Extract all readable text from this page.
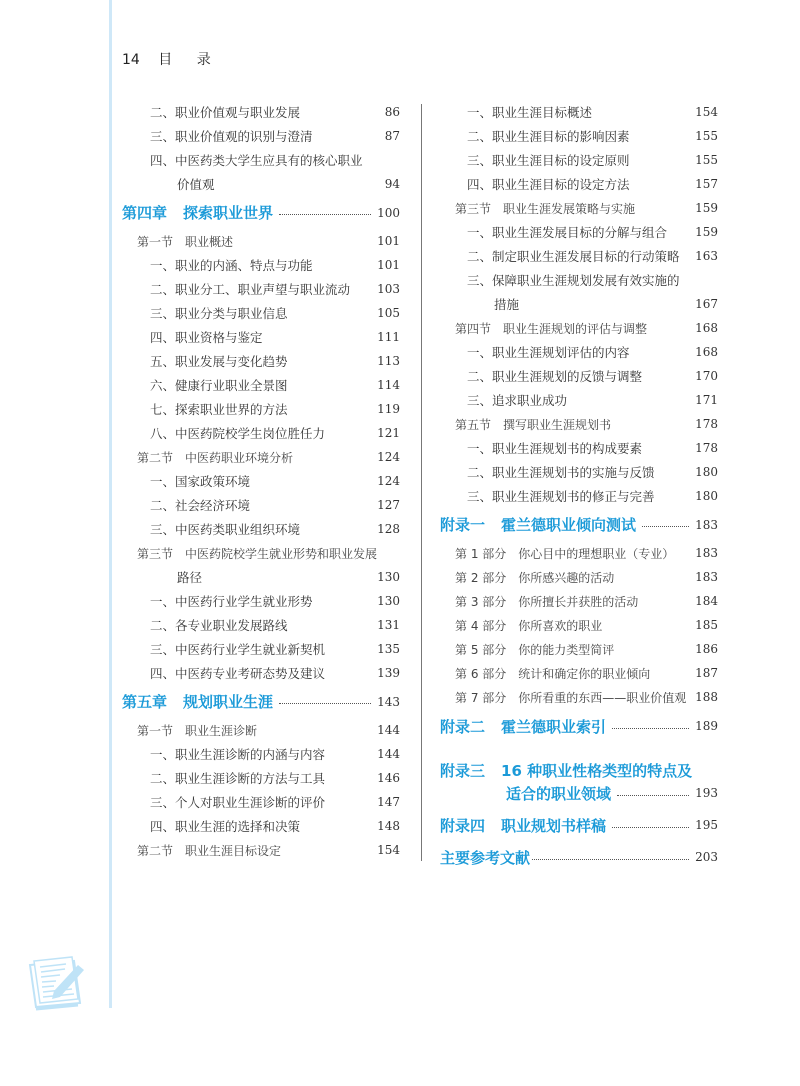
14 目 录
二、职业价值观与职业发展	86
三、职业价值观的识别与澄清	87
四、中医药类大学生应具有的核心职业
价值观	94
第四章 探索职业世界	100
第一节　职业概述	101
一、职业的内涵、特点与功能	101
二、职业分工、职业声望与职业流动 103
三、职业分类与职业信息	105
四、职业资格与鉴定	111
五、职业发展与变化趋势	113
六、健康行业职业全景图	114
七、探索职业世界的方法	119
八、中医药院校学生岗位胜任力	121
第二节　中医药职业环境分析	124
一、国家政策环境	124
二、社会经济环境	127
三、中医药类职业组织环境	128
第三节　中医药院校学生就业形势和职业发展
路径	130
一、中医药行业学生就业形势	130
二、各专业职业发展路线	131
三、中医药行业学生就业新契机	135
四、中医药专业考研态势及建议	139
第五章 规划职业生涯	143
第一节　职业生涯诊断	144
一、职业生涯诊断的内涵与内容	144
二、职业生涯诊断的方法与工具	146
三、个人对职业生涯诊断的评价	147
四、职业生涯的选择和决策	148
第二节　职业生涯目标设定	154
一、职业生涯目标概述	154
二、职业生涯目标的影响因素	155
三、职业生涯目标的设定原则	155
四、职业生涯目标的设定方法	157
第三节　职业生涯发展策略与实施	159
一、职业生涯发展目标的分解与组合 159
二、制定职业生涯发展目标的行动策略 163
三、保障职业生涯规划发展有效实施的
措施	167
第四节　职业生涯规划的评估与调整	168
一、职业生涯规划评估的内容	168
二、职业生涯规划的反馈与调整	170
三、追求职业成功	171
第五节　撰写职业生涯规划书	178
一、职业生涯规划书的构成要素	178
二、职业生涯规划书的实施与反馈	180
三、职业生涯规划书的修正与完善	180
附录一 霍兰德职业倾向测试	183
第 1 部分　你心目中的理想职业（专业） 183
第 2 部分　你所感兴趣的活动	183
第 3 部分　你所擅长并获胜的活动	184
第 4 部分　你所喜欢的职业	185
第 5 部分　你的能力类型简评	186
第 6 部分　统计和确定你的职业倾向	187
第 7 部分　你所看重的东西——职业价值观 188
附录二 霍兰德职业索引	189
附录三 16 种职业性格类型的特点及
适合的职业领域	193
附录四 职业规划书样稿	195
主要参考文献	203
